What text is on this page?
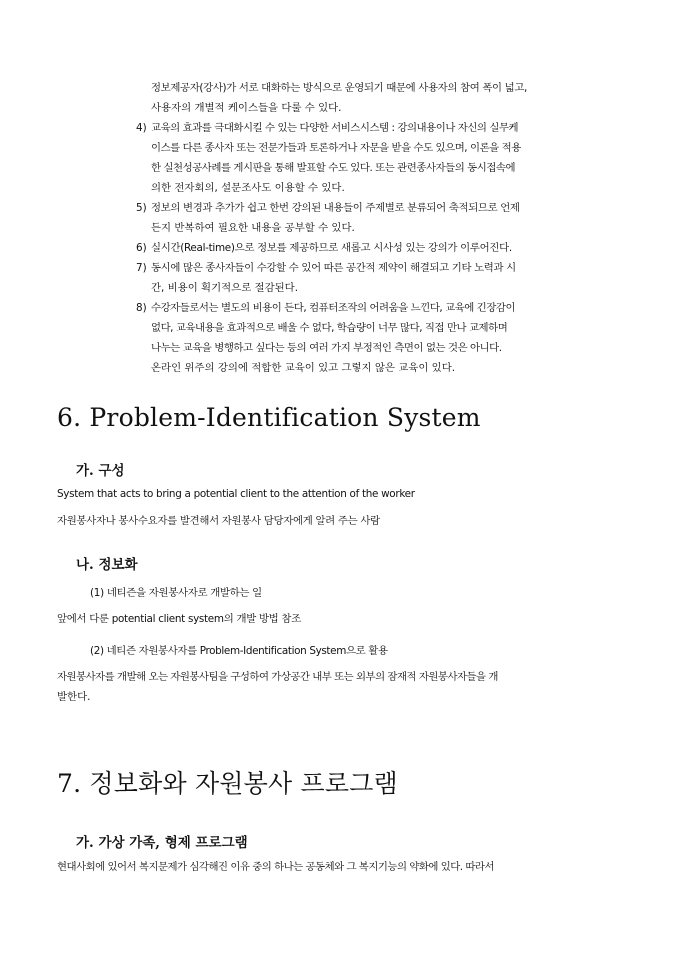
정보제공자(강사)가 서로 대화하는 방식으로 운영되기 때문에 사용자의 참여 폭이 넓고,
사용자의 개별적 케이스들을 다룰 수 있다.
4) 교육의 효과를 극대화시킬 수 있는 다양한 서비스시스템 : 강의내용이나 자신의 실무케
이스를 다른 종사자 또는 전문가들과 토론하거나 자문을 받을 수도 있으며, 이론을 적용
한 실천성공사례를 게시판을 통해 발표할 수도 있다. 또는 관련종사자들의 동시접속에
의한 전자회의, 설문조사도 이용할 수 있다.
5) 정보의 변경과 추가가 쉽고 한번 강의된 내용들이 주제별로 분류되어 축적되므로 언제
든지 반복하여 필요한 내용을 공부할 수 있다.
6) 실시간(Real-time)으로 정보를 제공하므로 새롭고 시사성 있는 강의가 이루어진다.
7) 동시에 많은 종사자들이 수강할 수 있어 따른 공간적 제약이 해결되고 기타 노력과 시
간, 비용이 획기적으로 절감된다.
8) 수강자들로서는 별도의 비용이 든다, 컴퓨터조작의 어려움을 느낀다, 교육에 긴장감이
없다, 교육내용을 효과적으로 배울 수 없다, 학습량이 너무 많다, 직접 만나 교제하며
나누는 교육을 병행하고 싶다는 등의 여러 가지 부정적인 측면이 없는 것은 아니다.
온라인 위주의 강의에 적합한 교육이 있고 그렇지 않은 교육이 있다.
6. Problem-Identification System
가. 구성
System that acts to bring a potential client to the attention of the worker
자원봉사자나 봉사수요자를 발견해서 자원봉사 담당자에게 알려 주는 사람
나. 정보화
(1) 네티즌을 자원봉사자로 개발하는 일
앞에서 다룬 potential client system의 개발 방법 참조
(2) 네티즌 자원봉사자를 Problem-Identification System으로 활용
자원봉사자를 개발해 오는 자원봉사팀을 구성하여 가상공간 내부 또는 외부의 잠재적 자원봉사자들을 개
발한다.
7. 정보화와 자원봉사 프로그램
가. 가상 가족, 형제 프로그램
현대사회에 있어서 복지문제가 심각해진 이유 중의 하나는 공동체와 그 복지기능의 약화에 있다. 따라서
